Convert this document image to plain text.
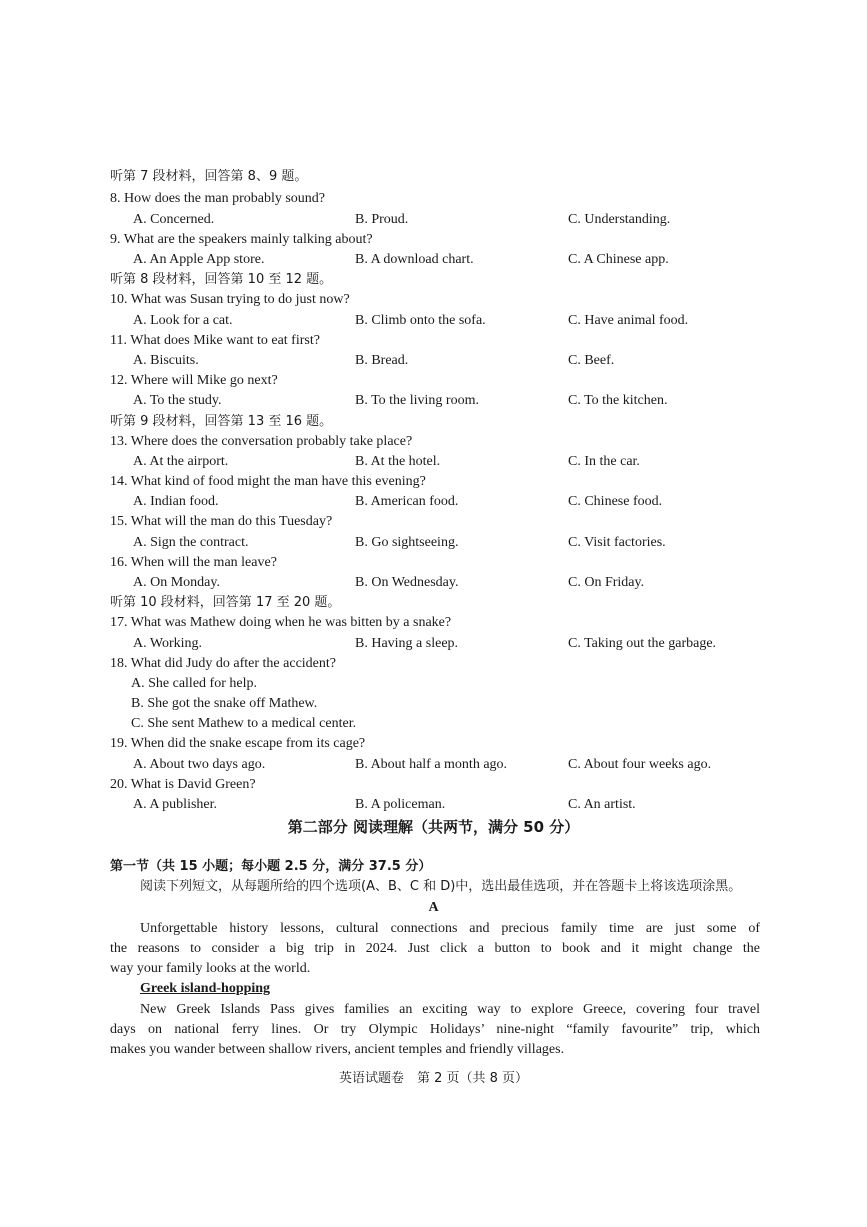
听第 7 段材料，回答第 8、9 题。
8. How does the man probably sound?
A. Concerned.	B. Proud.	C. Understanding.
9. What are the speakers mainly talking about?
A. An Apple App store.	B. A download chart.	C. A Chinese app.
听第 8 段材料，回答第 10 至 12 题。
10. What was Susan trying to do just now?
A. Look for a cat.	B. Climb onto the sofa.	C. Have animal food.
11. What does Mike want to eat first?
A. Biscuits.	B. Bread.	C. Beef.
12. Where will Mike go next?
A. To the study.	B. To the living room.	C. To the kitchen.
听第 9 段材料，回答第 13 至 16 题。
13. Where does the conversation probably take place?
A. At the airport.	B. At the hotel.	C. In the car.
14. What kind of food might the man have this evening?
A. Indian food.	B. American food.	C. Chinese food.
15. What will the man do this Tuesday?
A. Sign the contract.	B. Go sightseeing.	C. Visit factories.
16. When will the man leave?
A. On Monday.	B. On Wednesday.	C. On Friday.
听第 10 段材料，回答第 17 至 20 题。
17. What was Mathew doing when he was bitten by a snake?
A. Working.	B. Having a sleep.	C. Taking out the garbage.
18. What did Judy do after the accident?
A. She called for help.
B. She got the snake off Mathew.
C. She sent Mathew to a medical center.
19. When did the snake escape from its cage?
A. About two days ago.	B. About half a month ago.	C. About four weeks ago.
20. What is David Green?
A. A publisher.	B. A policeman.	C. An artist.
第二部分 阅读理解（共两节，满分 50 分）
第一节（共 15 小题；每小题 2.5 分，满分 37.5 分）
阅读下列短文，从每题所给的四个选项(A、B、C 和 D)中，选出最佳选项，并在答题卡上将该选项涂黑。
A
Unforgettable history lessons, cultural connections and precious family time are just some of
the reasons to consider a big trip in 2024. Just click a button to book and it might change the
way your family looks at the world.
Greek island-hopping
New Greek Islands Pass gives families an exciting way to explore Greece, covering four travel
days on national ferry lines. Or try Olympic Holidays’ nine-night “family favourite” trip, which
makes you wander between shallow rivers, ancient temples and friendly villages.
英语试题卷　第 2 页（共 8 页）
